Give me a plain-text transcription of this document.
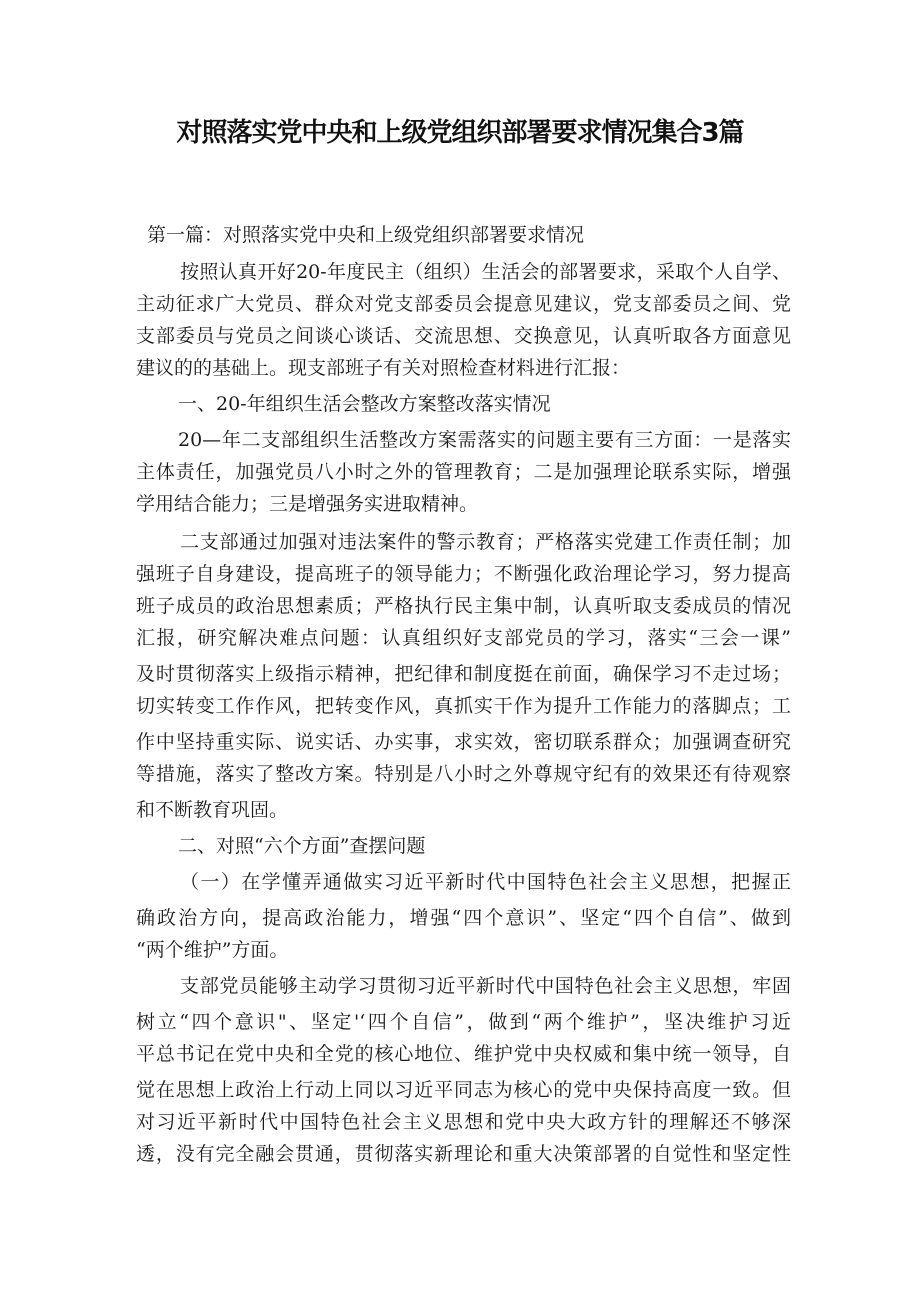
对照落实党中央和上级党组织部署要求情况集合3篇

第一篇：对照落实党中央和上级党组织部署要求情况

按照认真开好20-年度民主（组织）生活会的部署要求，采取个人自学、

主动征求广大党员、群众对党支部委员会提意见建议，党支部委员之间、党

支部委员与党员之间谈心谈话、交流思想、交换意见，认真听取各方面意见

建议的的基础上。现支部班子有关对照检查材料进行汇报：

一、20-年组织生活会整改方案整改落实情况

20—年二支部组织生活整改方案需落实的问题主要有三方面：一是落实

主体责任，加强党员八小时之外的管理教育；二是加强理论联系实际，增强

学用结合能力；三是增强务实进取精神。

二支部通过加强对违法案件的警示教育；严格落实党建工作责任制；加

强班子自身建设，提高班子的领导能力；不断强化政治理论学习，努力提高

班子成员的政治思想素质；严格执行民主集中制，认真听取支委成员的情况

汇报，研究解决难点问题：认真组织好支部党员的学习，落实“三会一课”

及时贯彻落实上级指示精神，把纪律和制度挺在前面，确保学习不走过场；

切实转变工作作风，把转变作风，真抓实干作为提升工作能力的落脚点；工

作中坚持重实际、说实话、办实事，求实效，密切联系群众；加强调查研究

等措施，落实了整改方案。特别是八小时之外尊规守纪有的效果还有待观察

和不断教育巩固。

二、对照“六个方面”查摆问题

（一）在学懂弄通做实习近平新时代中国特色社会主义思想，把握正

确政治方向，提高政治能力，增强“四个意识”、坚定“四个自信”、做到

“两个维护”方面。

支部党员能够主动学习贯彻习近平新时代中国特色社会主义思想，牢固

树立“四个意识"、坚定'‘四个自信”，做到“两个维护”，坚决维护习近

平总书记在党中央和全党的核心地位、维护党中央权威和集中统一领导，自

觉在思想上政治上行动上同以习近平同志为核心的党中央保持高度一致。但

对习近平新时代中国特色社会主义思想和党中央大政方针的理解还不够深

透，没有完全融会贯通，贯彻落实新理论和重大决策部署的自觉性和坚定性
